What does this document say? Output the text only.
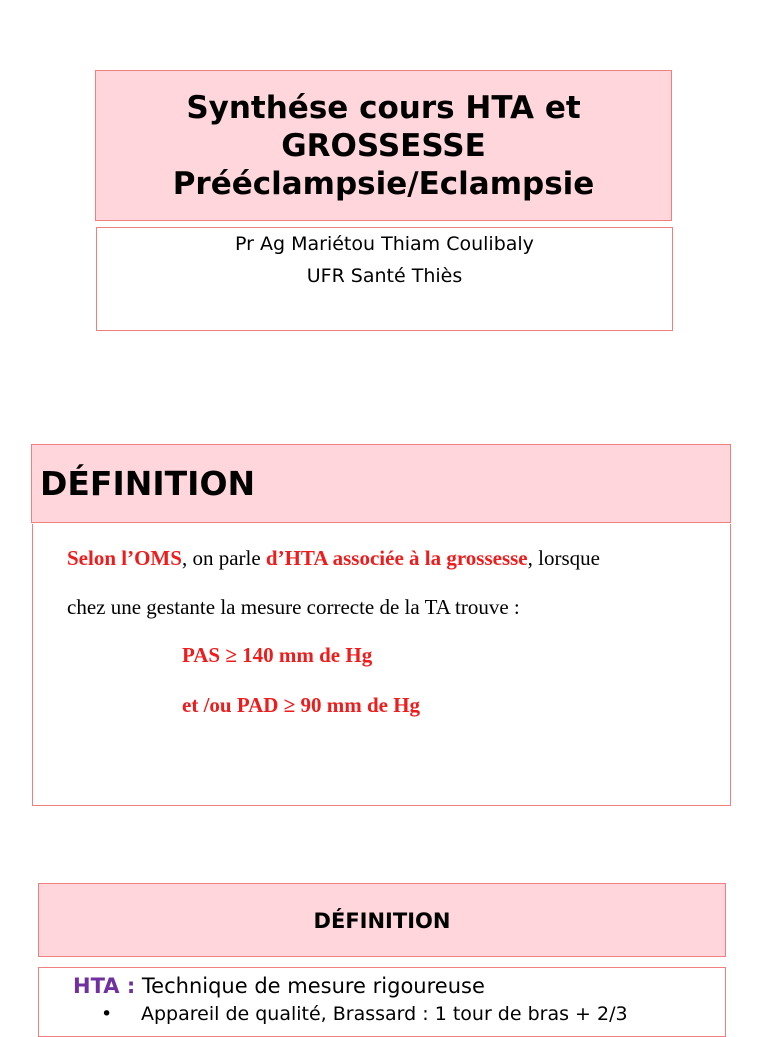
Synthése cours HTA et
GROSSESSE
Prééclampsie/Eclampsie
Pr Ag Mariétou Thiam Coulibaly
UFR Santé Thiès
DÉFINITION
Selon l’OMS, on parle d’HTA associée à la grossesse, lorsque
chez une gestante la mesure correcte de la TA trouve :
PAS ≥ 140 mm de Hg
et /ou PAD ≥ 90 mm de Hg
DÉFINITION
HTA : Technique de mesure rigoureuse
• Appareil de qualité, Brassard : 1 tour de bras + 2/3
